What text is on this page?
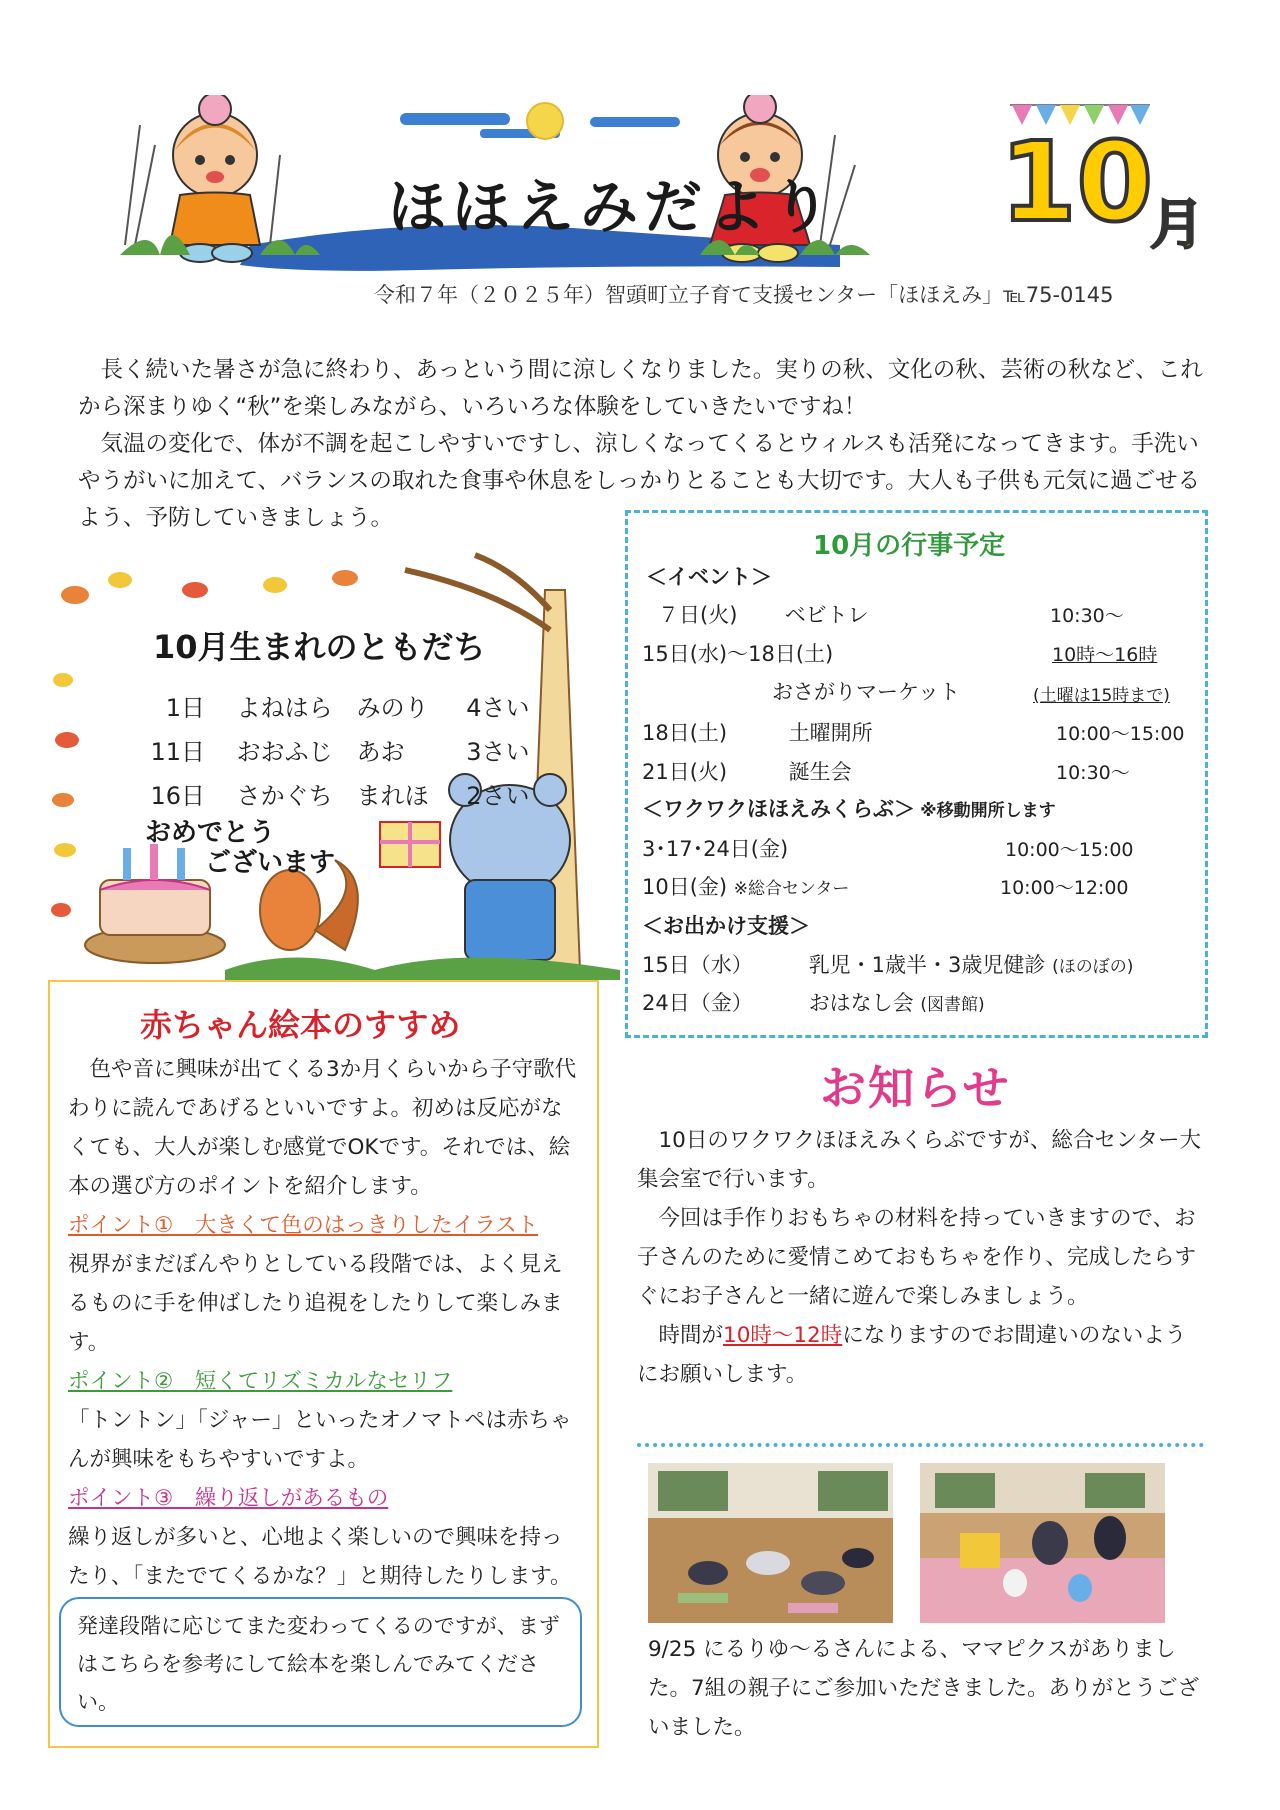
ほほえみだより 10
月
令和７年（２０２５年）智頭町立子育て支援センター「ほほえみ」℡75-0145

長く続いた暑さが急に終わり、あっという間に涼しくなりました。実りの秋、文化の秋、芸術の秋など、これから深まりゆく“秋”を楽しみながら、いろいろな体験をしていきたいですね！

気温の変化で、体が不調を起こしやすいですし、涼しくなってくるとウィルスも活発になってきます。手洗いやうがいに加えて、バランスの取れた食事や休息をしっかりとることも大切です。大人も子供も元気に過ごせるよう、予防していきましょう。

10月生まれのともだち
1日 よねはら　みのり 4さい
11日 おおふじ　あお	3さい
16日 さかぐち　まれほ 2さい
おめでとう
ございます
10月の行事予定
＜イベント＞
７日(火) ベビトレ	10:30～
15日(水)～18日(土)	10時～16時
おさがりマーケット	(土曜は15時まで)
18日(土)	土曜開所	10:00～15:00
21日(火)	誕生会	10:30～
＜ワクワクほほえみくらぶ＞ ※移動開所します
3･17･24日(金)	10:00～15:00
10日(金) ※総合センター	10:00～12:00
＜お出かけ支援＞
15日（水）	乳児・1歳半・3歳児健診 (ほのぼの)
24日（金）	おはなし会 (図書館)
赤ちゃん絵本のすすめ

色や音に興味が出てくる3か月くらいから子守歌代わりに読んであげるといいですよ。初めは反応がなくても、大人が楽しむ感覚でOKです。それでは、絵本の選び方のポイントを紹介します。

ポイント①　大きくて色のはっきりしたイラスト

視界がまだぼんやりとしている段階では、よく見えるものに手を伸ばしたり追視をしたりして楽しみます。

ポイント②　短くてリズミカルなセリフ

「トントン」「ジャー」といったオノマトペは赤ちゃんが興味をもちやすいですよ。

ポイント③　繰り返しがあるもの

繰り返しが多いと、心地よく楽しいので興味を持ったり、「またでてくるかな？」と期待したりします。

発達段階に応じてまた変わってくるのですが、まずはこちらを参考にして絵本を楽しんでみてください。
お知らせ

10日のワクワクほほえみくらぶですが、総合センター大集会室で行います。

今回は手作りおもちゃの材料を持っていきますので、お子さんのために愛情こめておもちゃを作り、完成したらすぐにお子さんと一緒に遊んで楽しみましょう。

時間が10時～12時になりますのでお間違いのないようにお願いします。

9/25 にるりゆ～るさんによる、ママピクスがありました。7組の親子にご参加いただきました。ありがとうございました。
